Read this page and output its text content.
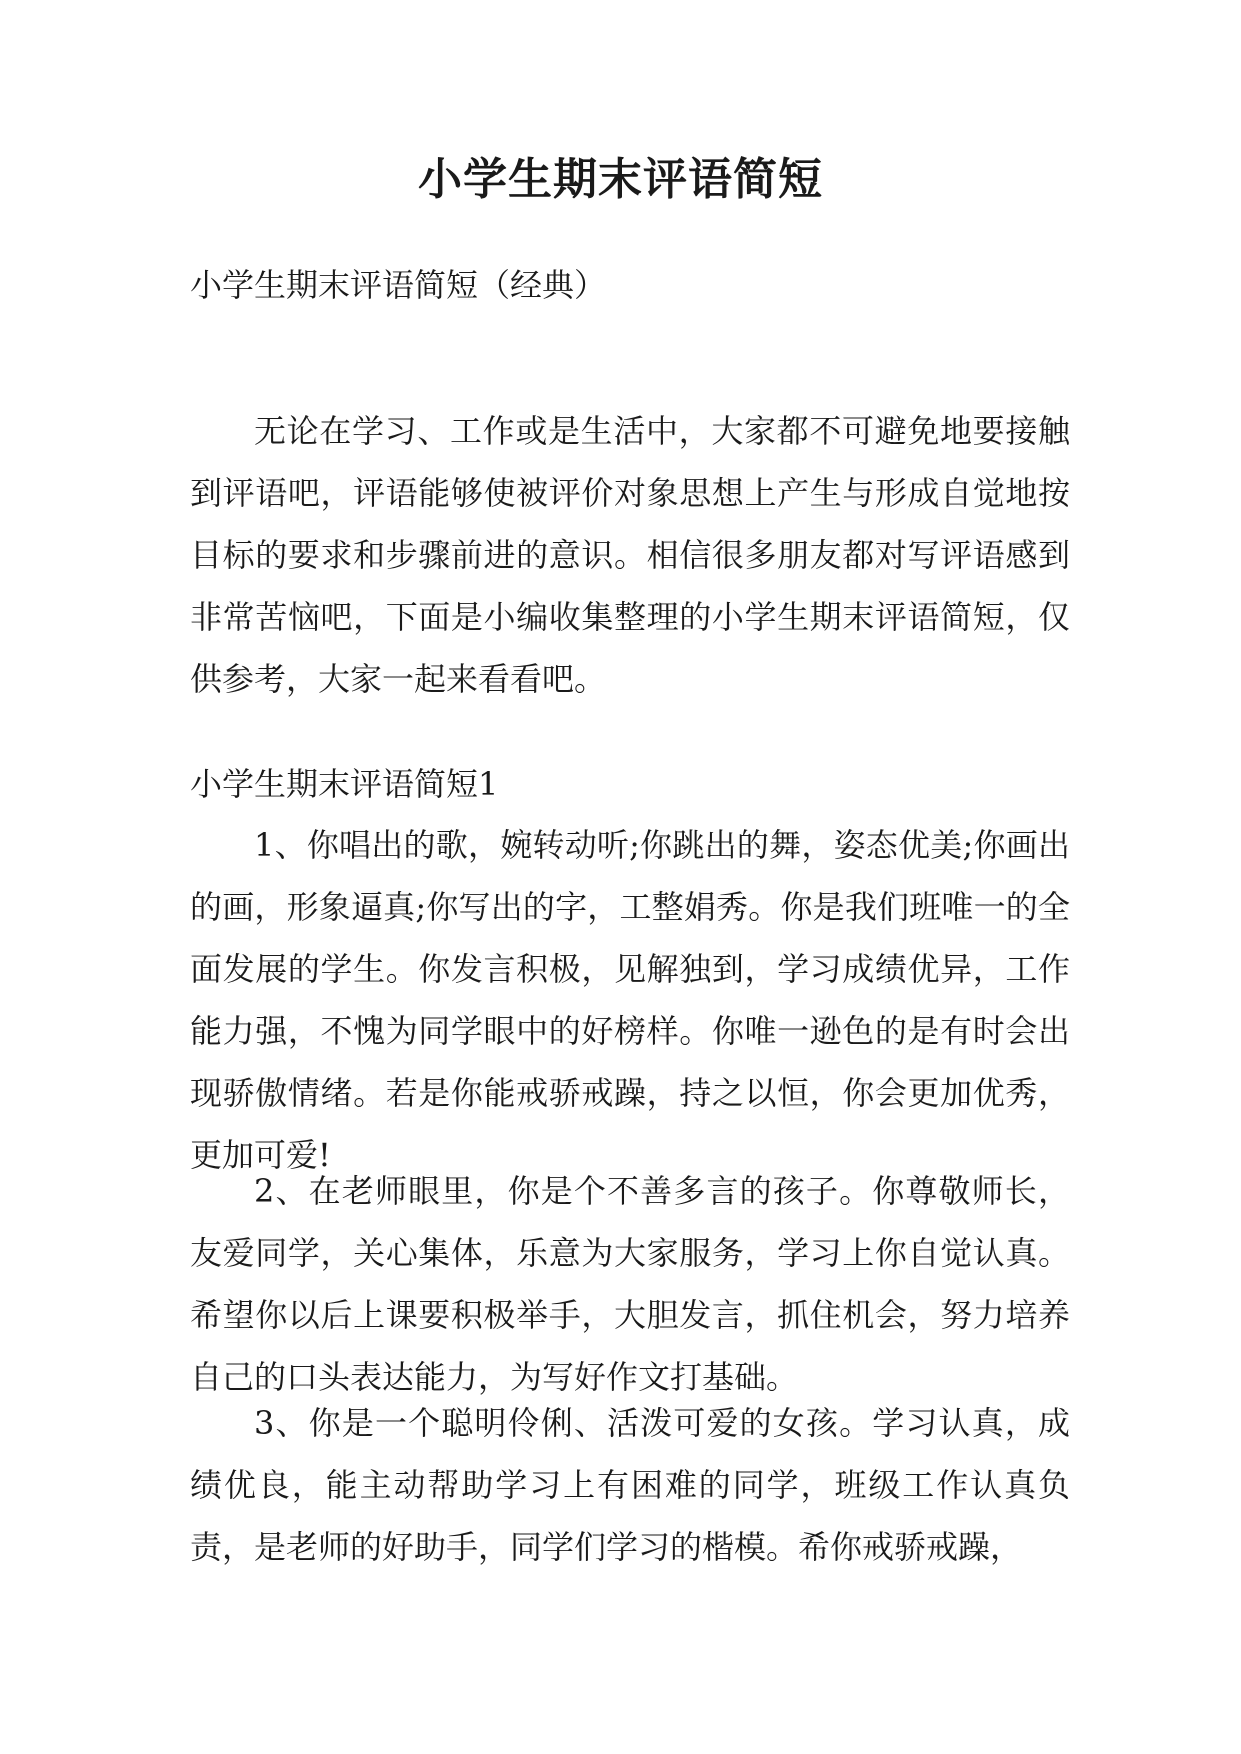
小学生期末评语简短

小学生期末评语简短（经典）

无论在学习、工作或是生活中，大家都不可避免地要接触到评语吧，评语能够使被评价对象思想上产生与形成自觉地按目标的要求和步骤前进的意识。相信很多朋友都对写评语感到非常苦恼吧，下面是小编收集整理的小学生期末评语简短，仅供参考，大家一起来看看吧。

小学生期末评语简短1

1、你唱出的歌，婉转动听;你跳出的舞，姿态优美;你画出的画，形象逼真;你写出的字，工整娟秀。你是我们班唯一的全面发展的学生。你发言积极，见解独到，学习成绩优异，工作能力强，不愧为同学眼中的好榜样。你唯一逊色的是有时会出现骄傲情绪。若是你能戒骄戒躁，持之以恒，你会更加优秀，更加可爱!

2、在老师眼里，你是个不善多言的孩子。你尊敬师长，友爱同学，关心集体，乐意为大家服务，学习上你自觉认真。希望你以后上课要积极举手，大胆发言，抓住机会，努力培养自己的口头表达能力，为写好作文打基础。

3、你是一个聪明伶俐、活泼可爱的女孩。学习认真，成绩优良，能主动帮助学习上有困难的同学，班级工作认真负责，是老师的好助手，同学们学习的楷模。希你戒骄戒躁，
